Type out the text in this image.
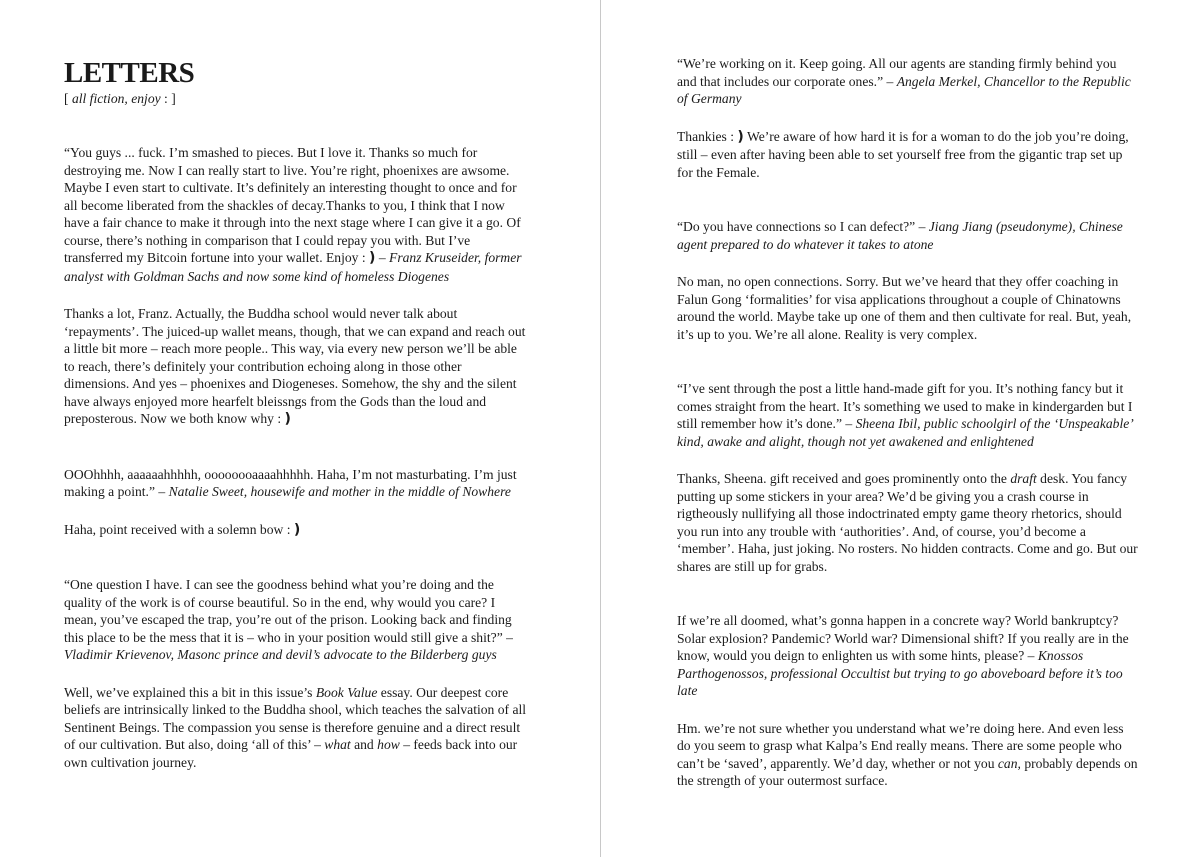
LETTERS
[ all fiction, enjoy : ]

“You guys ... fuck. I’m smashed to pieces. But I love it. Thanks so much for destroying me. Now I can really start to live. You’re right, phoenixes are awsome. Maybe I even start to cultivate. It’s definitely an interesting thought to once and for all become liberated from the shackles of decay.Thanks to you, I think that I now have a fair chance to make it through into the next stage where I can give it a go. Of course, there’s nothing in comparison that I could repay you with. But I’ve transferred my Bitcoin fortune into your wallet. Enjoy : ) – Franz Kruseider, former analyst with Goldman Sachs and now some kind of homeless Diogenes

Thanks a lot, Franz. Actually, the Buddha school would never talk about ‘repayments’. The juiced-up wallet means, though, that we can expand and reach out a little bit more – reach more people.. This way, via every new person we’ll be able to reach, there’s definitely your contribution echoing along in those other dimensions. And yes – phoenixes and Diogeneses. Somehow, the shy and the silent have always enjoyed more hearfelt bleissngs from the Gods than the loud and preposterous. Now we both know why : )

OOOhhhh, aaaaaahhhhh, oooooooaaaahhhhh. Haha, I’m not masturbating. I’m just making a point.” – Natalie Sweet, housewife and mother in the middle of Nowhere

Haha, point received with a solemn bow : )

“One question I have. I can see the goodness behind what you’re doing and the quality of the work is of course beautiful. So in the end, why would you care? I mean, you’ve escaped the trap, you’re out of the prison. Looking back and finding this place to be the mess that it is – who in your position would still give a shit?” – Vladimir Krievenov, Masonc prince and devil’s advocate to the Bilderberg guys

Well, we’ve explained this a bit in this issue’s Book Value essay. Our deepest core beliefs are intrinsically linked to the Buddha shool, which teaches the salvation of all Sentinent Beings. The compassion you sense is therefore genuine and a direct result of our cultivation. But also, doing ‘all of this’ – what and how – feeds back into our own cultivation journey.

“We’re working on it. Keep going. All our agents are standing firmly behind you and that includes our corporate ones.” – Angela Merkel, Chancellor to the Republic of Germany

Thankies : ) We’re aware of how hard it is for a woman to do the job you’re doing, still – even after having been able to set yourself free from the gigantic trap set up for the Female.

“Do you have connections so I can defect?” – Jiang Jiang (pseudonyme), Chinese agent prepared to do whatever it takes to atone

No man, no open connections. Sorry. But we’ve heard that they offer coaching in Falun Gong ‘formalities’ for visa applications throughout a couple of Chinatowns around the world. Maybe take up one of them and then cultivate for real. But, yeah, it’s up to you. We’re all alone. Reality is very complex.

“I’ve sent through the post a little hand-made gift for you. It’s nothing fancy but it comes straight from the heart. It’s something we used to make in kindergarden but I still remember how it’s done.” – Sheena Ibil, public schoolgirl of the ‘Unspeakable’ kind, awake and alight, though not yet awakened and enlightened

Thanks, Sheena. gift received and goes prominently onto the draft desk. You fancy putting up some stickers in your area? We’d be giving you a crash course in rigtheously nullifying all those indoctrinated empty game theory rhetorics, should you run into any trouble with ‘authorities’. And, of course, you’d become a ‘member’. Haha, just joking. No rosters. No hidden contracts. Come and go. But our shares are still up for grabs.

If we’re all doomed, what’s gonna happen in a concrete way? World bankruptcy? Solar explosion? Pandemic? World war? Dimensional shift? If you really are in the know, would you deign to enlighten us with some hints, please? – Knossos Parthogenossos, professional Occultist but trying to go aboveboard before it’s too late

Hm. we’re not sure whether you understand what we’re doing here. And even less do you seem to grasp what Kalpa’s End really means. There are some people who can’t be ‘saved’, apparently. We’d day, whether or not you can, probably depends on the strength of your outermost surface.
